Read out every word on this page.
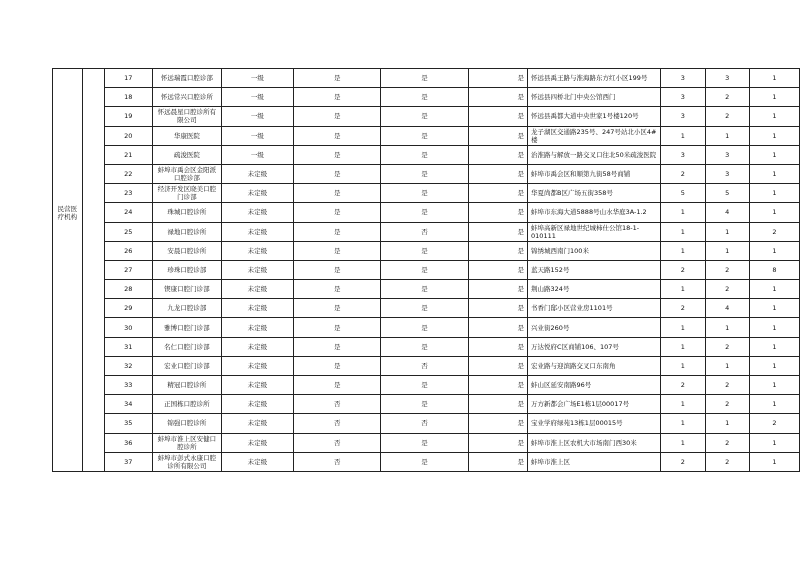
民营医疗机构		17	怀远瑞霞口腔诊部	一级	是	是	是	怀远县禹王路与淮海路东方红小区199号	3	3	1
		18	怀远常兴口腔诊所	一级	是	是	是	怀远县四桥北门中央公馆西门	3	2	1
		19	怀远晨星口腔诊所有限公司	一级	是	是	是	怀远县禹都大道中央世家1号楼120号	3	2	1
		20	华康医院	一级	是	是	是	龙子湖区交通路235号、247号站北小区4#楼	1	1	1
		21	疏浚医院	一级	是	是	是	治淮路与解放一路交叉口往北50米疏浚医院	3	3	1
		22	蚌埠市禹会区金阳派口腔诊部	未定级	是	是	是	蚌埠市禹会区和顺第九街58号商铺	2	3	1
		23	经济开发区晓美口腔门诊部	未定级	是	是	是	华夏尚都B区广场五街358号	5	5	1
		24	珠城口腔诊所	未定级	是	是	是	蚌埠市东海大道5888号山水华庭3A-1.2	1	4	1
		25	禄地口腔诊所	未定级	是	否	是	蚌埠高新区禄地世纪城柿仕公馆18-1-010111	1	1	2
		26	安晨口腔诊所	未定级	是	是	是	锦绣城西南门100米	1	1	1
		27	珍珠口腔诊部	未定级	是	是	是	蓝天路152号	2	2	8
		28	锲康口腔门诊部	未定级	是	是	是	荆山路324号	1	2	1
		29	九龙口腔诊部	未定级	是	是	是	书香门邸小区营业房1101号	2	4	1
		30	雅博口腔门诊部	未定级	是	是	是	兴业街260号	1	1	1
		31	名仁口腔门诊部	未定级	是	是	是	万达悦府C区商铺106、107号	1	2	1
		32	宏业口腔门诊部	未定级	是	否	是	宏业路与迎滨路交叉口东南角	1	1	1
		33	精冠口腔诊所	未定级	是	是	是	蚌山区延安南路96号	2	2	1
		34	正国栋口腔诊所	未定级	否	是	是	万方新都会广场E1栋1层00017号	1	2	1
		35	锦强口腔诊所	未定级	否	否	是	宝业学府绿苑13栋1层00015号	1	1	2
		36	蚌埠市淮上区安健口腔诊所	未定级	否	是	是	蚌埠市淮上区农机大市场南门西30米	1	2	1
		37	蚌埠市彭式永康口腔诊所有限公司	未定级	否	是	是	蚌埠市淮上区	2	2	1
